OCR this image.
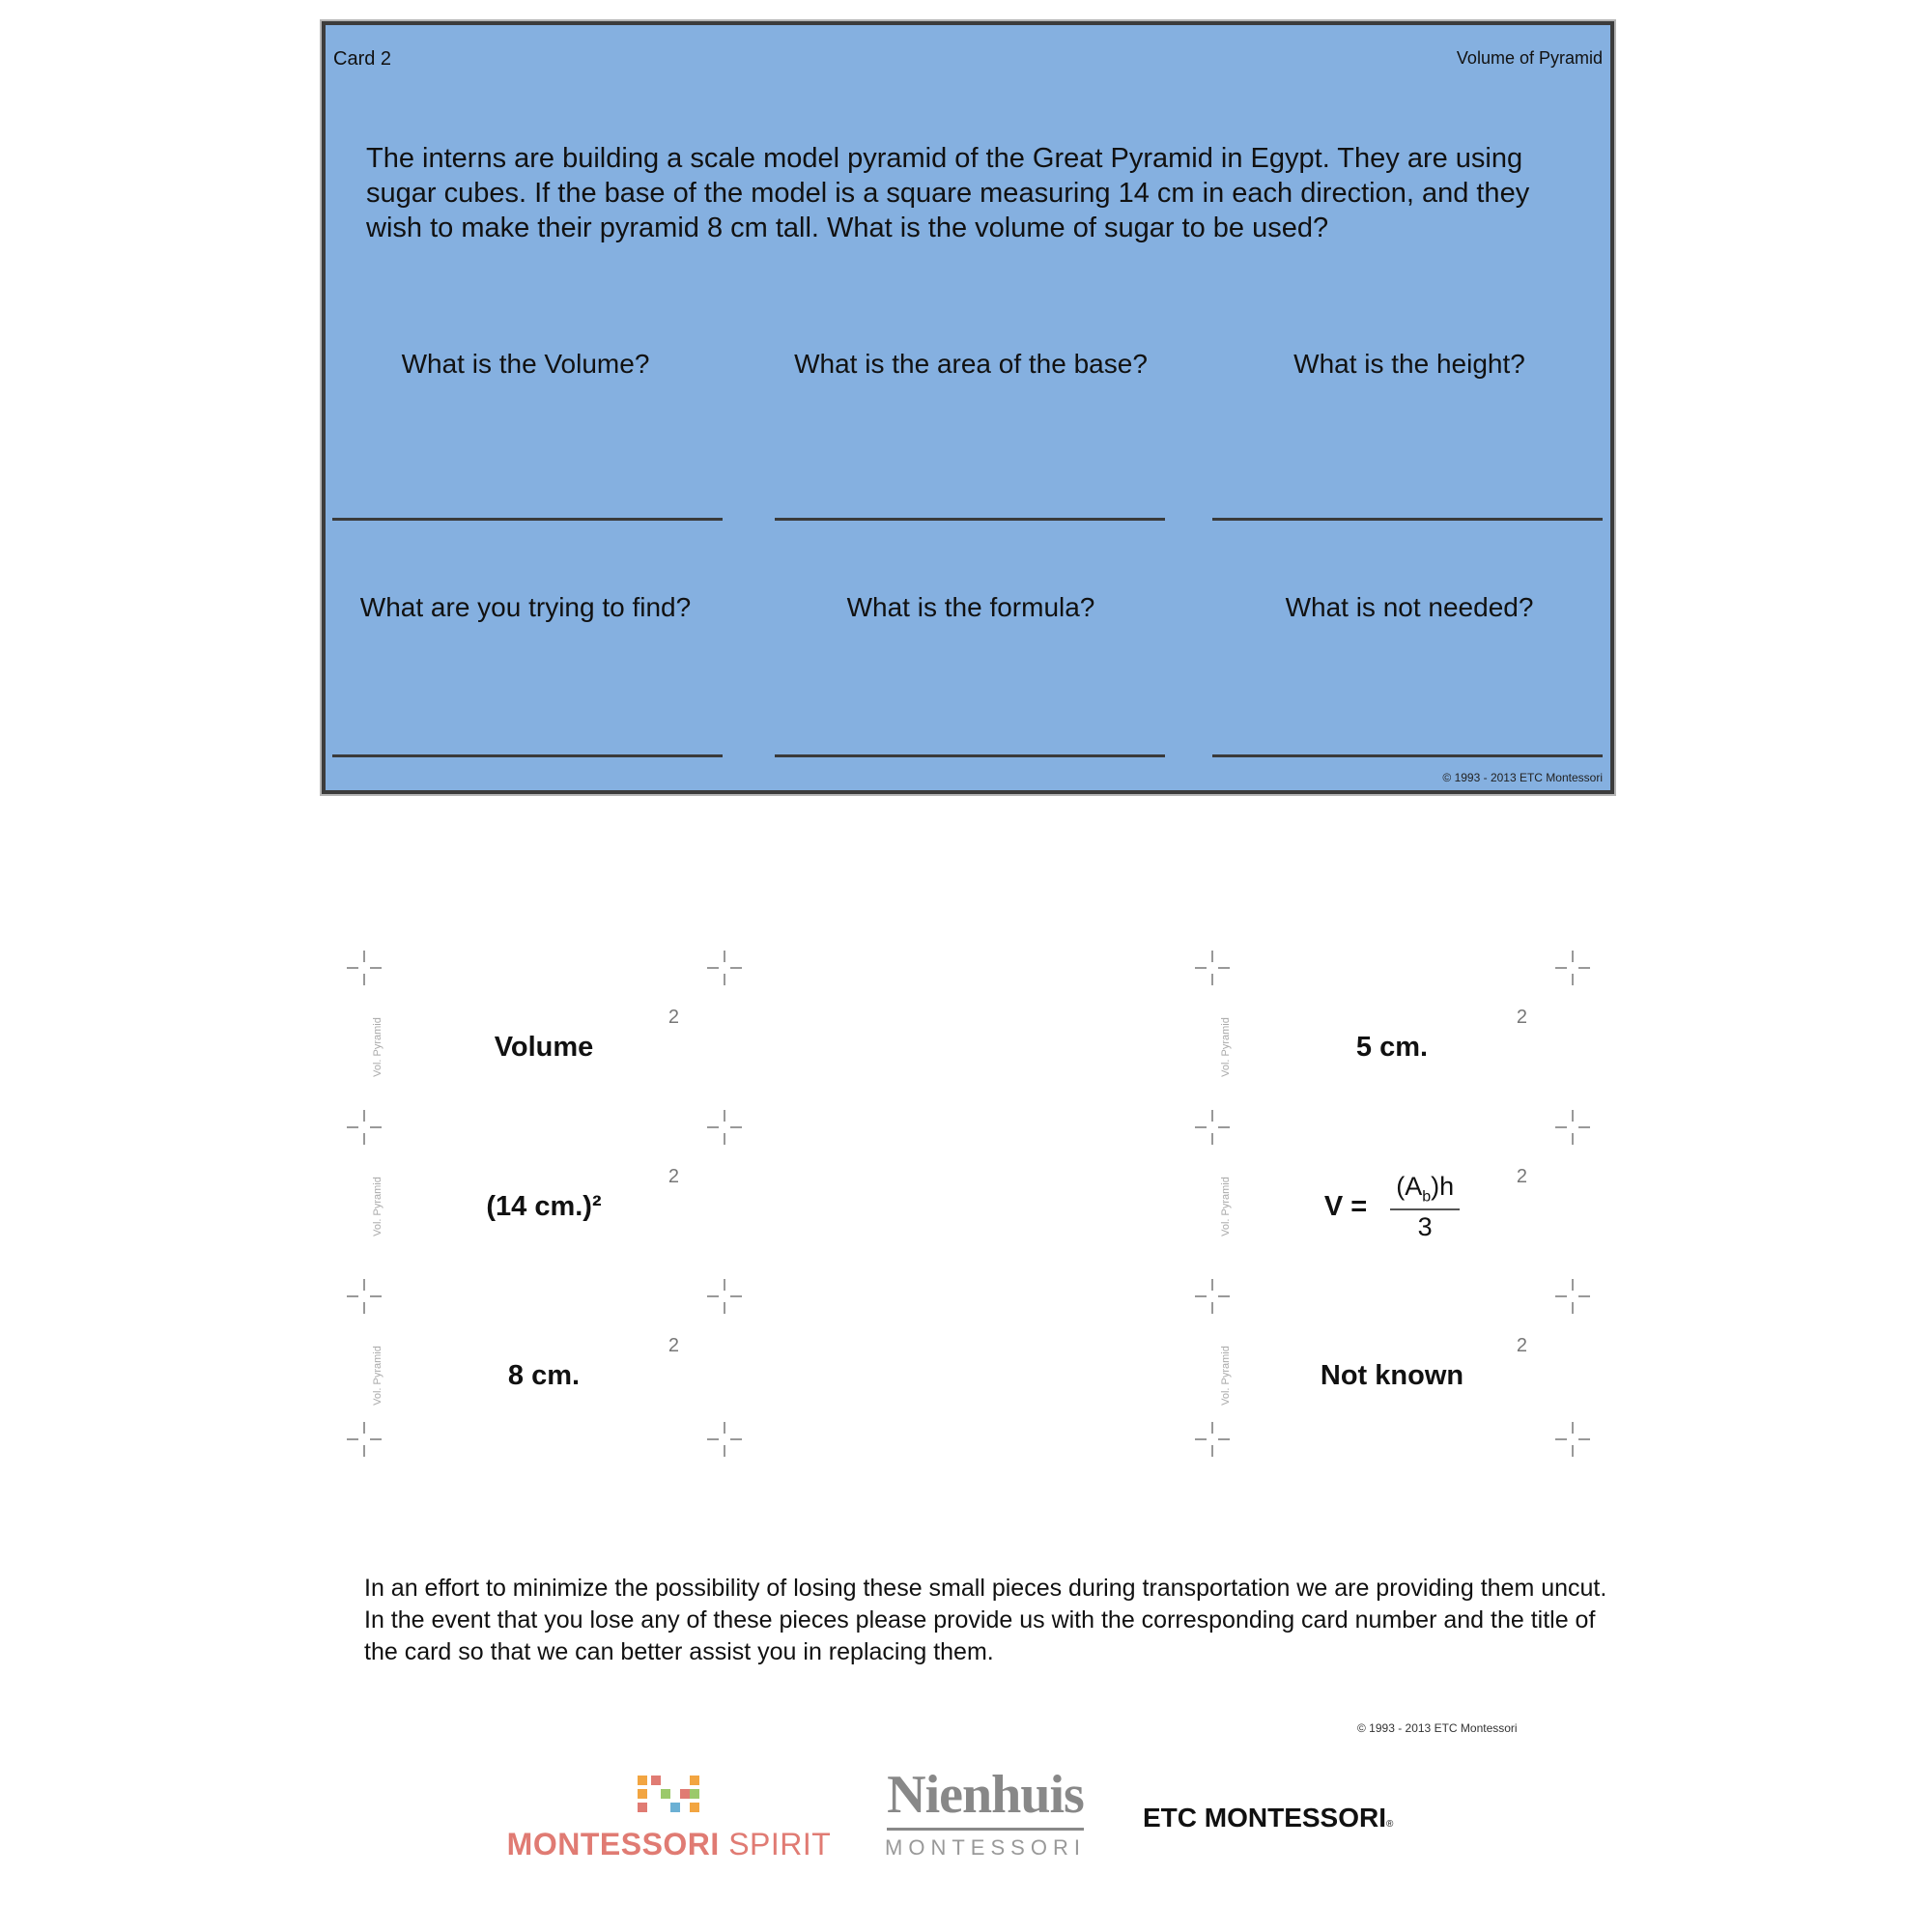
Card 2	Volume of Pyramid

The interns are building a scale model pyramid of the Great Pyramid in Egypt. They are using sugar cubes. If the base of the model is a square measuring 14 cm in each direction, and they wish to make their pyramid 8 cm tall. What is the volume of sugar to be used?

What is the Volume?	What is the area of the base?	What is the height?
What are you trying to find?	What is the formula?	What is not needed?
© 1993 - 2013 ETC Montessori
Vol. Pyramid
2
Volume
Vol. Pyramid
2
(14 cm.)²
Vol. Pyramid
2
8 cm.
Vol. Pyramid
2
5 cm.
Vol. Pyramid
2
$V = \frac{(A_b)h}{3}$
Vol. Pyramid
2
Not known

In an effort to minimize the possibility of losing these small pieces during transportation we are providing them uncut. In the event that you lose any of these pieces please provide us with the corresponding card number and the title of the card so that we can better assist you in replacing them.

© 1993 - 2013 ETC Montessori
MONTESSORI SPIRIT
Nienhuis
MONTESSORI
ETC MONTESSORI®
